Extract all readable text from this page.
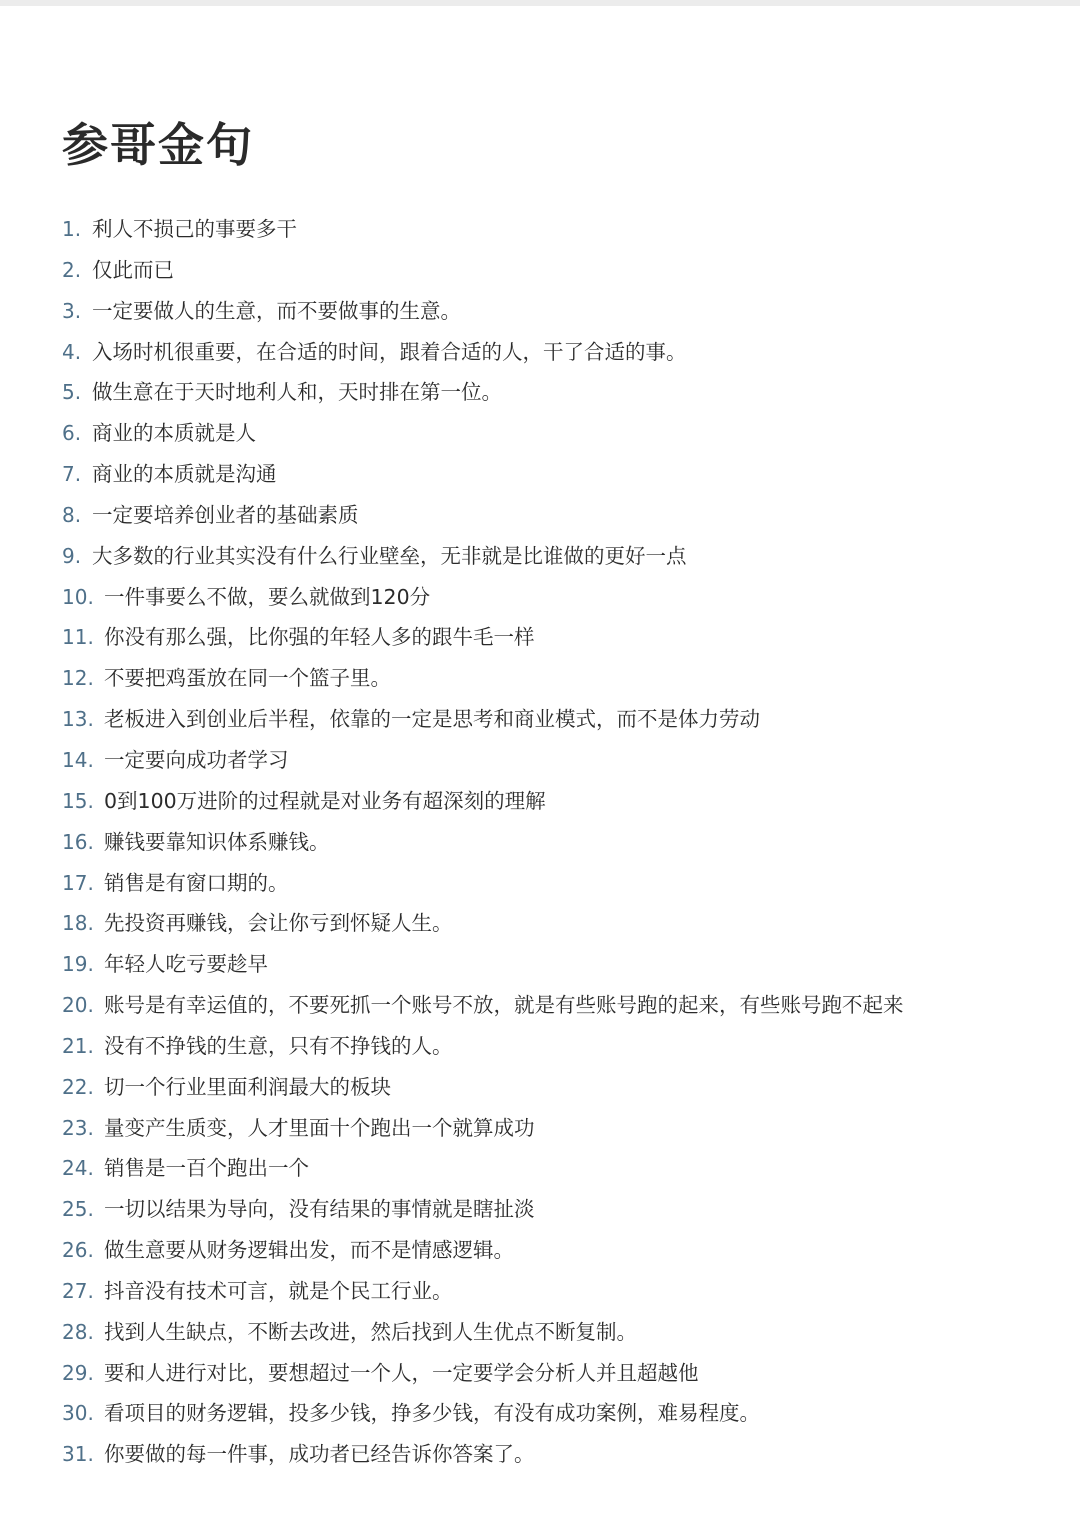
参哥金句
1. 利人不损己的事要多干
2. 仅此而已
3. 一定要做人的生意，而不要做事的生意。
4. 入场时机很重要，在合适的时间，跟着合适的人，干了合适的事。
5. 做生意在于天时地利人和，天时排在第一位。
6. 商业的本质就是人
7. 商业的本质就是沟通
8. 一定要培养创业者的基础素质
9. 大多数的行业其实没有什么行业壁垒，无非就是比谁做的更好一点
10. 一件事要么不做，要么就做到120分
11. 你没有那么强，比你强的年轻人多的跟牛毛一样
12. 不要把鸡蛋放在同一个篮子里。
13. 老板进入到创业后半程，依靠的一定是思考和商业模式，而不是体力劳动
14. 一定要向成功者学习
15. 0到100万进阶的过程就是对业务有超深刻的理解
16. 赚钱要靠知识体系赚钱。
17. 销售是有窗口期的。
18. 先投资再赚钱，会让你亏到怀疑人生。
19. 年轻人吃亏要趁早
20. 账号是有幸运值的，不要死抓一个账号不放，就是有些账号跑的起来，有些账号跑不起来
21. 没有不挣钱的生意，只有不挣钱的人。
22. 切一个行业里面利润最大的板块
23. 量变产生质变，人才里面十个跑出一个就算成功
24. 销售是一百个跑出一个
25. 一切以结果为导向，没有结果的事情就是瞎扯淡
26. 做生意要从财务逻辑出发，而不是情感逻辑。
27. 抖音没有技术可言，就是个民工行业。
28. 找到人生缺点，不断去改进，然后找到人生优点不断复制。
29. 要和人进行对比，要想超过一个人，一定要学会分析人并且超越他
30. 看项目的财务逻辑，投多少钱，挣多少钱，有没有成功案例，难易程度。
31. 你要做的每一件事，成功者已经告诉你答案了。
